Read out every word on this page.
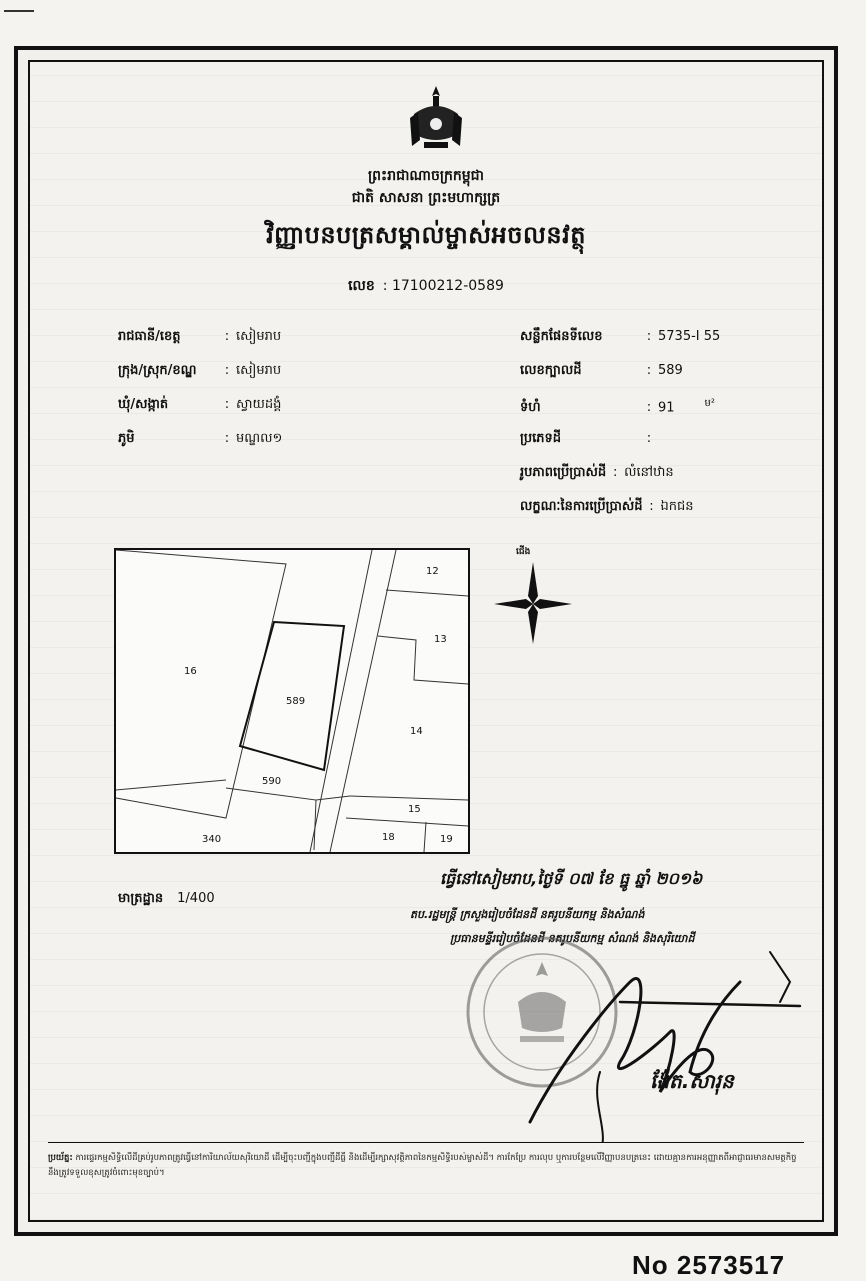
ព្រះរាជាណាចក្រកម្ពុជា
ជាតិ សាសនា ព្រះមហាក្សត្រ
វិញ្ញាបនបត្រសម្គាល់ម្ចាស់អចលនវត្ថុ
លេខ : 17100212-0589
រាជធានី/ខេត្ត	: សៀមរាប
ក្រុង/ស្រុក/ខណ្ឌ : សៀមរាប
ឃុំ/សង្កាត់	: ស្វាយដង្គំ
ភូមិ	: មណ្ឌល១
សន្លឹកផែនទីលេខ	: 5735-I 55
លេខក្បាលដី	: 589
ទំហំ	: 91	$^{ម^2}$
ប្រភេទដី	:
រូបភាពប្រើប្រាស់ដី : លំនៅឋាន
លក្ខណៈនៃការប្រើប្រាស់ដី : ឯកជន
12
13
14
15
16
18	19
340
589
590
ជើង
មាត្រដ្ឋាន 1/400
ធ្វើនៅសៀមរាប,ថ្ងៃទី ០៧ ខែ ធ្នូ ឆ្នាំ ២០១៦
តប.រដ្ឋមន្ត្រី ក្រសួងរៀបចំដែនដី នគរូបនីយកម្ម និងសំណង់
ប្រធានមន្ទីររៀបចំដែនដី នគរូបនីយកម្ម សំណង់ និងសុរិយោដី
ង៉ែត.សារុន
ប្រយ័ត្ន: ការផ្ទេរកម្មសិទ្ធិលើដីគ្រប់រូបភាពត្រូវធ្វើនៅការិយាល័យសុរិយោដី ដើម្បីចុះបញ្ជីក្នុងបញ្ជីដីធ្លី និងដើម្បីរក្សាសុវត្ថិភាពនៃកម្មសិទ្ធិរបស់ម្ចាស់ដី។ ការកែប្រែ ការលុប ឬការបន្ថែមលើវិញ្ញាបនបត្រនេះ ដោយគ្មានការអនុញ្ញាតពីអាជ្ញាធរមានសមត្ថកិច្ច នឹងត្រូវទទួលខុសត្រូវចំពោះមុខច្បាប់។
No 2573517
